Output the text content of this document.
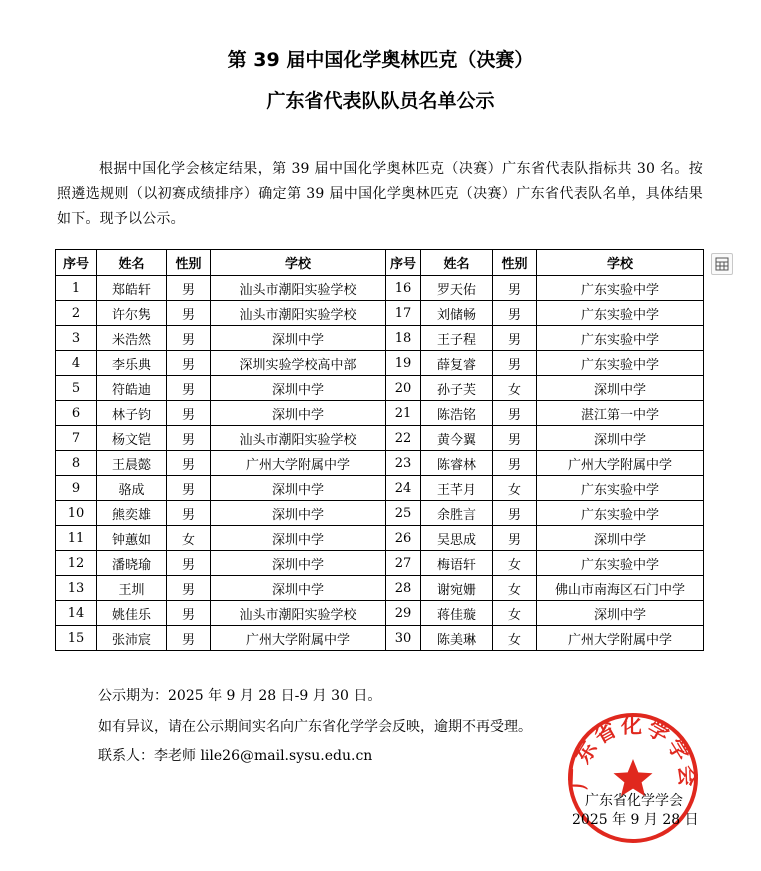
第 39 届中国化学奥林匹克（决赛）
广东省代表队队员名单公示
根据中国化学会核定结果，第 39 届中国化学奥林匹克（决赛）广东省代表队指标共 30 名。按照遴选规则（以初赛成绩排序）确定第 39 届中国化学奥林匹克（决赛）广东省代表队名单，具体结果如下。现予以公示。
序号	姓名	性别	学校	序号	姓名	性别	学校
1	郑皓轩	男	汕头市潮阳实验学校	16	罗天佑	男	广东实验中学
2	许尔隽	男	汕头市潮阳实验学校	17	刘储畅	男	广东实验中学
3	米浩然	男	深圳中学	18	王子程	男	广东实验中学
4	李乐典	男	深圳实验学校高中部	19	薛复睿	男	广东实验中学
5	符皓迪	男	深圳中学	20	孙子芙	女	深圳中学
6	林子钧	男	深圳中学	21	陈浩铭	男	湛江第一中学
7	杨文铠	男	汕头市潮阳实验学校	22	黄今翼	男	深圳中学
8	王晨懿	男	广州大学附属中学	23	陈睿林	男	广州大学附属中学
9	骆成	男	深圳中学	24	王芊月	女	广东实验中学
10	熊奕雄	男	深圳中学	25	余胜言	男	广东实验中学
11	钟蕙如	女	深圳中学	26	吴思成	男	深圳中学
12	潘晓瑜	男	深圳中学	27	梅语轩	女	广东实验中学
13	王圳	男	深圳中学	28	谢宛姗	女	佛山市南海区石门中学
14	姚佳乐	男	汕头市潮阳实验学校	29	蒋佳璇	女	深圳中学
15	张沛宸	男	广州大学附属中学	30	陈美琳	女	广州大学附属中学
公示期为：2025 年 9 月 28 日-9 月 30 日。
如有异议，请在公示期间实名向广东省化学学会反映，逾期不再受理。
联系人：李老师 lile26@mail.sysu.edu.cn
广东省化学学会
广东省化学学会
2025 年 9 月 28 日
